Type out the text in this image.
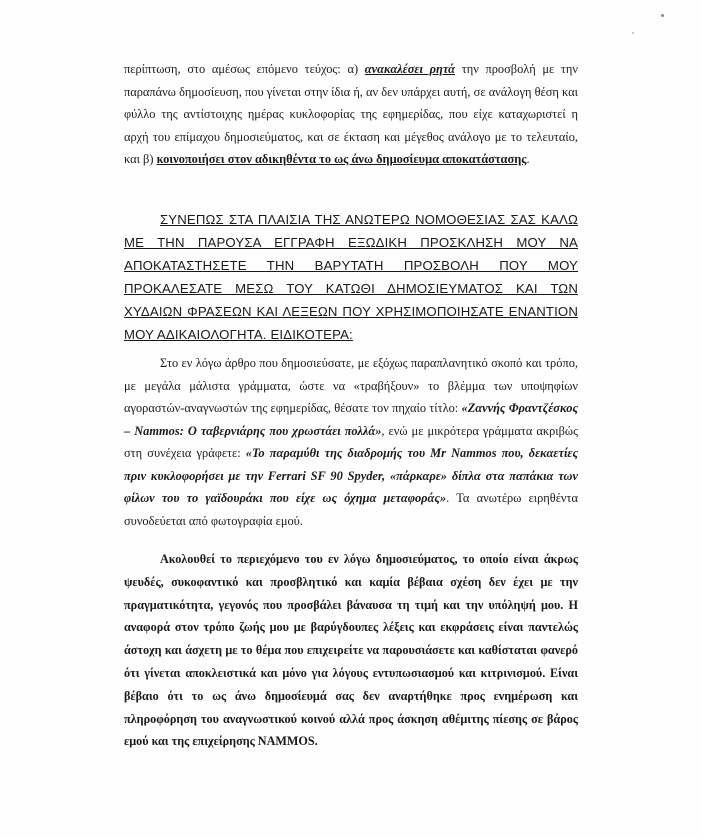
περίπτωση, στο αμέσως επόμενο τεύχος: α) ανακαλέσει ρητά την προσβολή με την παραπάνω δημοσίευση, που γίνεται στην ίδια ή, αν δεν υπάρχει αυτή, σε ανάλογη θέση και φύλλο της αντίστοιχης ημέρας κυκλοφορίας της εφημερίδας, που είχε καταχωριστεί η αρχή του επίμαχου δημοσιεύματος, και σε έκταση και μέγεθος ανάλογο με το τελευταίο, και β) κοινοποιήσει στον αδικηθέντα το ως άνω δημοσίευμα αποκατάστασης.

ΣΥΝΕΠΩΣ ΣΤΑ ΠΛΑΙΣΙΑ ΤΗΣ ΑΝΩΤΕΡΩ ΝΟΜΟΘΕΣΙΑΣ ΣΑΣ ΚΑΛΩ ΜΕ ΤΗΝ ΠΑΡΟΥΣΑ ΕΓΓΡΑΦΗ ΕΞΩΔΙΚΗ ΠΡΟΣΚΛΗΣΗ ΜΟΥ ΝΑ ΑΠΟΚΑΤΑΣΤΗΣΕΤΕ ΤΗΝ ΒΑΡΥΤΑΤΗ ΠΡΟΣΒΟΛΗ ΠΟΥ ΜΟΥ ΠΡΟΚΑΛΕΣΑΤΕ ΜΕΣΩ ΤΟΥ ΚΑΤΩΘΙ ΔΗΜΟΣΙΕΥΜΑΤΟΣ ΚΑΙ ΤΩΝ ΧΥΔΑΙΩΝ ΦΡΑΣΕΩΝ ΚΑΙ ΛΕΞΕΩΝ ΠΟΥ ΧΡΗΣΙΜΟΠΟΙΗΣΑΤΕ ΕΝΑΝΤΙΟΝ ΜΟΥ ΑΔΙΚΑΙΟΛΟΓΗΤΑ. ΕΙΔΙΚΟΤΕΡΑ:

Στο εν λόγω άρθρο που δημοσιεύσατε, με εξόχως παραπλανητικό σκοπό και τρόπο, με μεγάλα μάλιστα γράμματα, ώστε να «τραβήξουν» το βλέμμα των υποψηφίων αγοραστών-αναγνωστών της εφημερίδας, θέσατε τον πηχαίο τίτλο: «Ζαννής Φραντζέσκος – Nammos: Ο ταβερνιάρης που χρωστάει πολλά», ενώ με μικρότερα γράμματα ακριβώς στη συνέχεια γράφετε: «Το παραμύθι της διαδρομής του Mr Nammos που, δεκαετίες πριν κυκλοφορήσει με την Ferrari SF 90 Spyder, «πάρκαρε» δίπλα στα παπάκια των φίλων του το γαϊδουράκι που είχε ως όχημα μεταφοράς». Τα ανωτέρω ειρηθέντα συνοδεύεται από φωτογραφία εμού.

Ακολουθεί το περιεχόμενο του εν λόγω δημοσιεύματος, το οποίο είναι άκρως ψευδές, συκοφαντικό και προσβλητικό και καμία βέβαια σχέση δεν έχει με την πραγματικότητα, γεγονός που προσβάλει βάναυσα τη τιμή και την υπόληψή μου. Η αναφορά στον τρόπο ζωής μου με βαρύγδουπες λέξεις και εκφράσεις είναι παντελώς άστοχη και άσχετη με το θέμα που επιχειρείτε να παρουσιάσετε και καθίσταται φανερό ότι γίνεται αποκλειστικά και μόνο για λόγους εντυπωσιασμού και κιτρινισμού. Είναι βέβαιο ότι το ως άνω δημοσίευμά σας δεν αναρτήθηκε προς ενημέρωση και πληροφόρηση του αναγνωστικού κοινού αλλά προς άσκηση αθέμιτης πίεσης σε βάρος εμού και της επιχείρησης NAMMOS.
